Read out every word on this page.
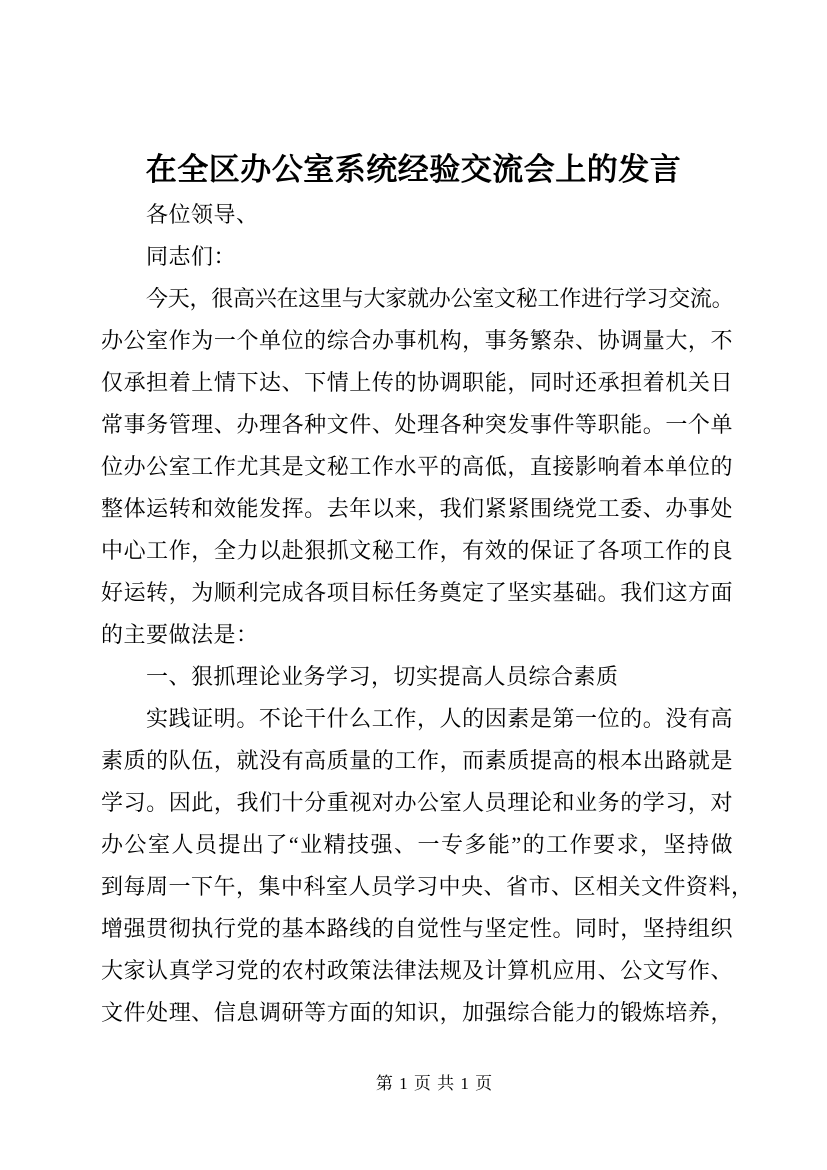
在全区办公室系统经验交流会上的发言
各位领导、
同志们：
今天，很高兴在这里与大家就办公室文秘工作进行学习交流。
办公室作为一个单位的综合办事机构，事务繁杂、协调量大，不
仅承担着上情下达、下情上传的协调职能，同时还承担着机关日
常事务管理、办理各种文件、处理各种突发事件等职能。一个单
位办公室工作尤其是文秘工作水平的高低，直接影响着本单位的
整体运转和效能发挥。去年以来，我们紧紧围绕党工委、办事处
中心工作，全力以赴狠抓文秘工作，有效的保证了各项工作的良
好运转，为顺利完成各项目标任务奠定了坚实基础。我们这方面
的主要做法是：
一、狠抓理论业务学习，切实提高人员综合素质
实践证明。不论干什么工作，人的因素是第一位的。没有高
素质的队伍，就没有高质量的工作，而素质提高的根本出路就是
学习。因此，我们十分重视对办公室人员理论和业务的学习，对
办公室人员提出了“业精技强、一专多能”的工作要求，坚持做
到每周一下午，集中科室人员学习中央、省市、区相关文件资料，
增强贯彻执行党的基本路线的自觉性与坚定性。同时，坚持组织
大家认真学习党的农村政策法律法规及计算机应用、公文写作、
文件处理、信息调研等方面的知识，加强综合能力的锻炼培养，
第 1 页 共 1 页
